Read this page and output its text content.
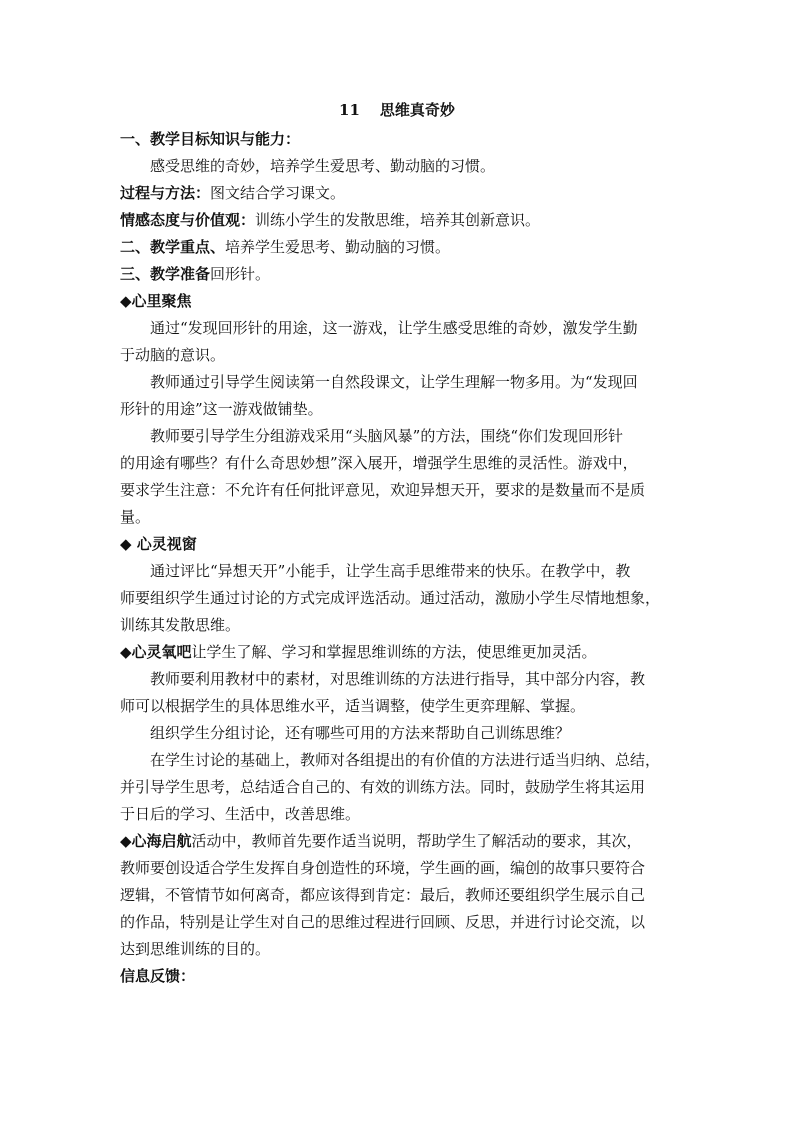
11 思维真奇妙
一、教学目标知识与能力：
感受思维的奇妙，培养学生爱思考、勤动脑的习惯。
过程与方法：图文结合学习课文。
情感态度与价值观：训练小学生的发散思维，培养其创新意识。
二、教学重点、培养学生爱思考、勤动脑的习惯。
三、教学准备回形针。
◆心里聚焦
通过“发现回形针的用途，这一游戏，让学生感受思维的奇妙，激发学生勤
于动脑的意识。
教师通过引导学生阅读第一自然段课文，让学生理解一物多用。为“发现回
形针的用途”这一游戏做铺垫。
教师要引导学生分组游戏采用“头脑风暴”的方法，围绕“你们发现回形针
的用途有哪些？有什么奇思妙想”深入展开，增强学生思维的灵活性。游戏中，
要求学生注意：不允许有任何批评意见，欢迎异想天开，要求的是数量而不是质
量。
◆ 心灵视窗
通过评比“异想天开”小能手，让学生高手思维带来的快乐。在教学中，教
师要组织学生通过讨论的方式完成评选活动。通过活动，激励小学生尽情地想象，
训练其发散思维。
◆心灵氧吧让学生了解、学习和掌握思维训练的方法，使思维更加灵活。
教师要利用教材中的素材，对思维训练的方法进行指导，其中部分内容，教
师可以根据学生的具体思维水平，适当调整，使学生更弈理解、掌握。
组织学生分组讨论，还有哪些可用的方法来帮助自己训练思维？
在学生讨论的基础上，教师对各组提出的有价值的方法进行适当归纳、总结，
并引导学生思考，总结适合自己的、有效的训练方法。同时，鼓励学生将其运用
于日后的学习、生活中，改善思维。
◆心海启航活动中，教师首先要作适当说明，帮助学生了解活动的要求，其次，
教师要创设适合学生发挥自身创造性的环境，学生画的画，编创的故事只要符合
逻辑，不管情节如何离奇，都应该得到肯定：最后，教师还要组织学生展示自己
的作品，特别是让学生对自己的思维过程进行回顾、反思，并进行讨论交流，以
达到思维训练的目的。
信息反馈：
